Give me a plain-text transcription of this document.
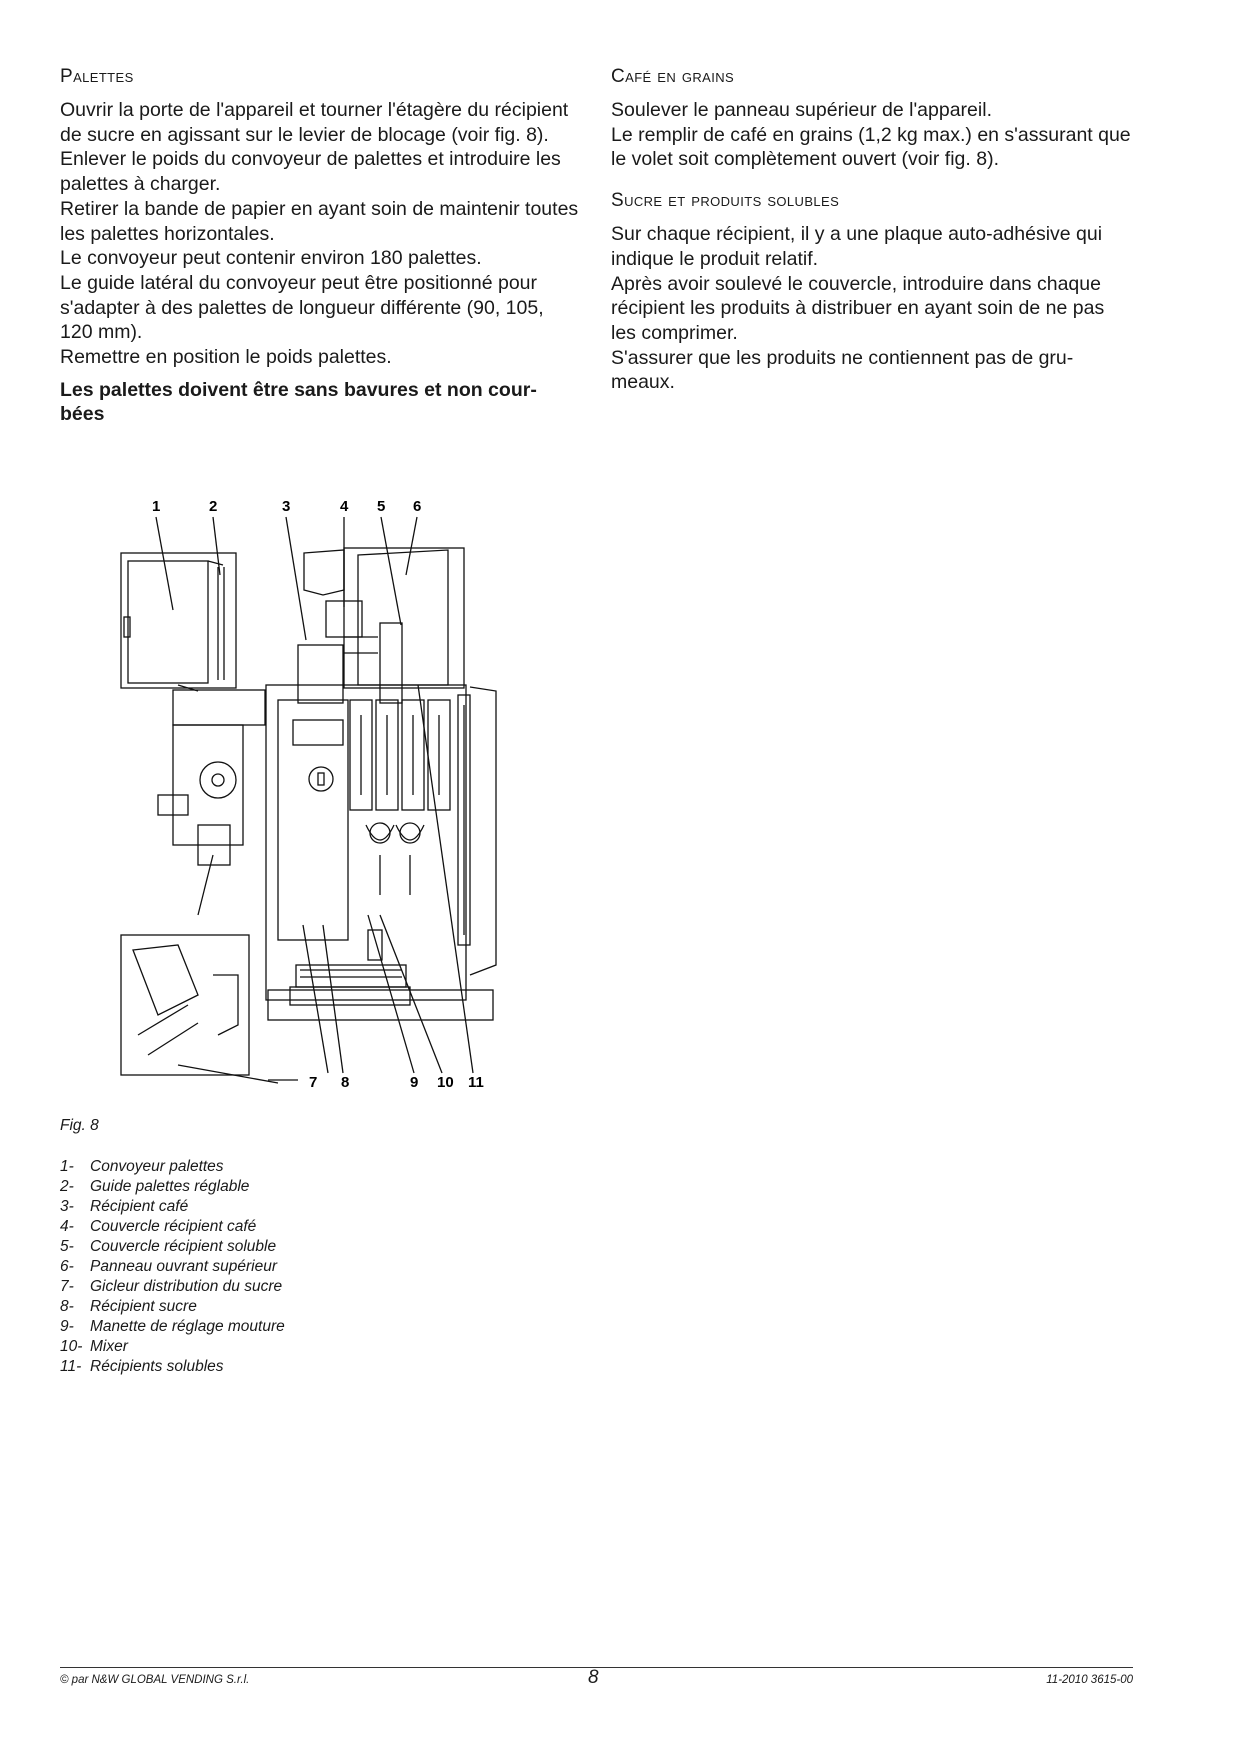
Palettes

Ouvrir la porte de l'appareil et tourner l'étagère du récipient de sucre en agissant sur le levier de blocage (voir fig. 8). Enlever le poids du convoyeur de palettes et introduire les palettes à charger.

Retirer la bande de papier en ayant soin de maintenir toutes les palettes horizontales.

Le convoyeur peut contenir environ 180 palettes.

Le guide latéral du convoyeur peut être positionné pour s'adapter à des palettes de longueur différente (90, 105, 120 mm).

Remettre en position le poids palettes.

Les palettes doivent être sans bavures et non cour-bées

Café en grains

Soulever le panneau supérieur de l'appareil.

Le remplir de café en grains (1,2 kg max.) en s'assurant que le volet soit complètement ouvert (voir fig. 8).

Sucre et produits solubles

Sur chaque récipient, il y a une plaque auto-adhésive qui indique le produit relatif.

Après avoir soulevé le couvercle, introduire dans chaque récipient les produits à distribuer en ayant soin de ne pas les comprimer.

S'assurer que les produits ne contiennent pas de gru-meaux.

1	2	3	4 5 6
7 8	9 10 11
Fig. 8
1-	Convoyeur palettes
2-	Guide palettes réglable
3-	Récipient café
4-	Couvercle récipient café
5-	Couvercle récipient soluble
6-	Panneau ouvrant supérieur
7-	Gicleur distribution du sucre
8-	Récipient sucre
9-	Manette de réglage mouture
10- Mixer
11- Récipients solubles
© par N&W GLOBAL VENDING S.r.l.	8	11-2010 3615-00
